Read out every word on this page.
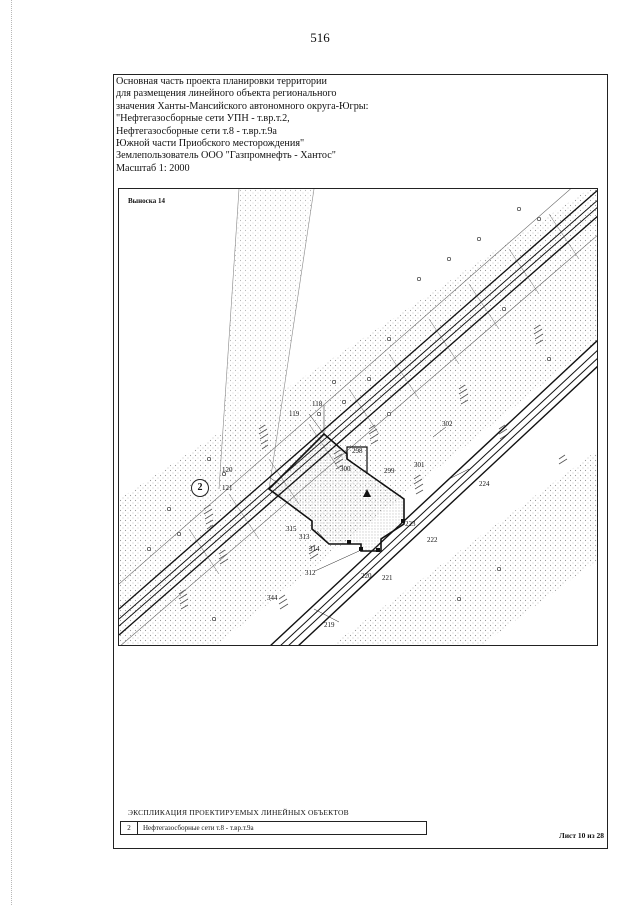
516
Основная часть проекта планировки территории
для размещения линейного объекта регионального
значения Ханты-Мансийского автономного округа-Югры:
"Нефтегазосборные сети УПН - т.вр.т.2,
Нефтегазосборные сети т.8 - т.вр.т.9а
Южной части Приобского месторождения"
Землепользователь ООО "Газпромнефть - Хантос"
Масштаб 1: 2000
Выноска 14
2
118
119
120
121
298
299
300	301
302
224
223
222
221
220
219
315
313
314
312
344
ЭКСПЛИКАЦИЯ ПРОЕКТИРУЕМЫХ ЛИНЕЙНЫХ ОБЪЕКТОВ
2	Нефтегазосборные сети т.8 - т.вр.т.9а
Лист 10 из 28
